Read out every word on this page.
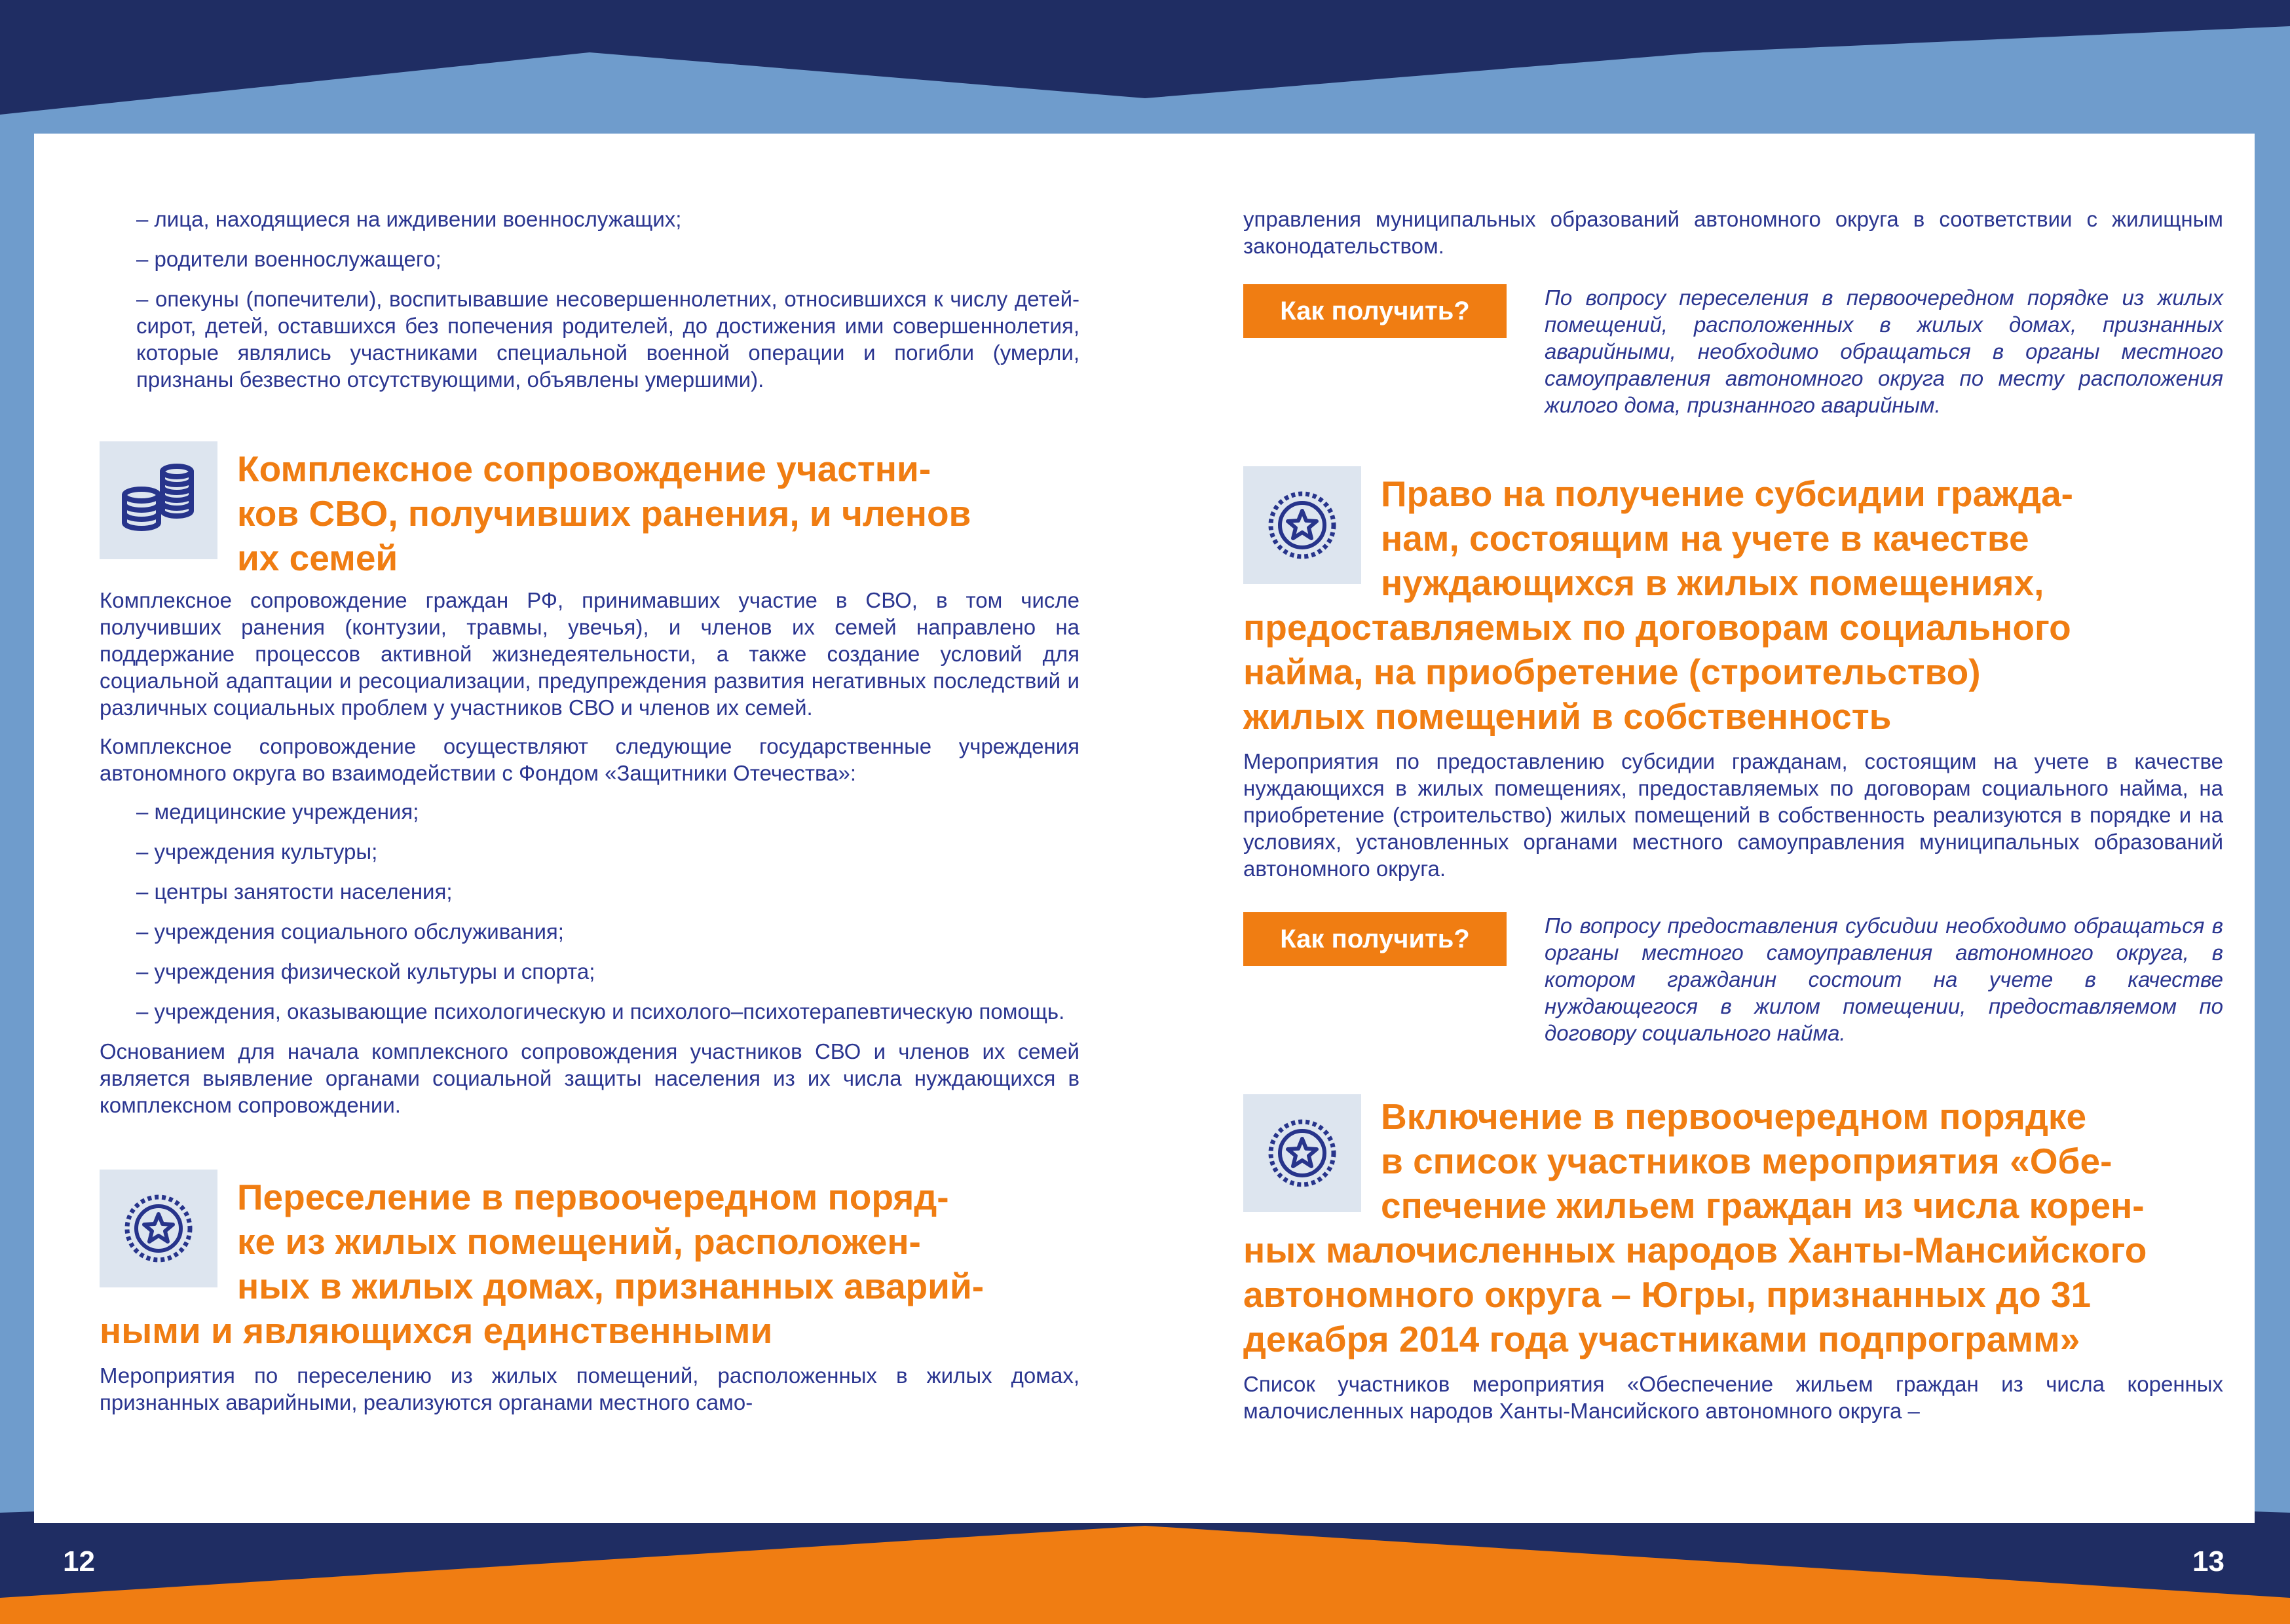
– лица, находящиеся на иждивении военнослужащих;

– родители военнослужащего;

– опекуны (попечители), воспитывавшие несовершеннолетних, относившихся к числу детей-сирот, детей, оставшихся без попечения родителей, до достижения ими совершеннолетия, которые являлись участниками специальной военной операции и погибли (умерли, признаны безвестно отсутствующими, объявлены умершими).

Комплексное сопровождение участни-
ков СВО, получивших ранения, и членов
их семей

Комплексное сопровождение граждан РФ, принимавших участие в СВО, в том числе получивших ранения (контузии, травмы, увечья), и членов их семей направлено на поддержание процессов активной жизнедеятельности, а также создание условий для социальной адаптации и ресоциализации, предупреждения развития негативных последствий и различных социальных проблем у участников СВО и членов их семей.

Комплексное сопровождение осуществляют следующие государственные учреждения автономного округа во взаимодействии с Фондом «Защитники Отечества»:

– медицинские учреждения;

– учреждения культуры;

– центры занятости населения;

– учреждения социального обслуживания;

– учреждения физической культуры и спорта;

– учреждения, оказывающие психологическую и психолого–психотерапевтическую помощь.

Основанием для начала комплексного сопровождения участников СВО и членов их семей является выявление органами социальной защиты населения из их числа нуждающихся в комплексном сопровождении.

Переселение в первоочередном поряд-
ке из жилых помещений, расположен-
ных в жилых домах, признанных аварий-
ными и являющихся единственными

Мероприятия по переселению из жилых помещений, расположенных в жилых домах, признанных аварийными, реализуются органами местного само-

управления муниципальных образований автономного округа в соответствии с жилищным законодательством.

Как получить?	По вопросу переселения в первоочередном порядке из жилых помещений, расположенных в жилых домах, признанных аварийными, необходимо обращаться в органы местного самоуправления автономного округа по месту расположения жилого дома, признанного аварийным.

Право на получение субсидии гражда-
нам, состоящим на учете в качестве
нуждающихся в жилых помещениях,
предоставляемых по договорам социального
найма, на приобретение (строительство)
жилых помещений в собственность

Мероприятия по предоставлению субсидии гражданам, состоящим на учете в качестве нуждающихся в жилых помещениях, предоставляемых по договорам социального найма, на приобретение (строительство) жилых помещений в собственность реализуются в порядке и на условиях, установленных органами местного самоуправления муниципальных образований автономного округа.

Как получить?	По вопросу предоставления субсидии необходимо обращаться в органы местного самоуправления автономного округа, в котором гражданин состоит на учете в качестве нуждающегося в жилом помещении, предоставляемом по договору социального найма.

Включение в первоочередном порядке
в список участников мероприятия «Обе-
спечение жильем граждан из числа корен-
ных малочисленных народов Ханты-Мансийского
автономного округа – Югры, признанных до 31
декабря 2014 года участниками подпрограмм»

Список участников мероприятия «Обеспечение жильем граждан из числа коренных малочисленных народов Ханты-Мансийского автономного округа –

12	13
